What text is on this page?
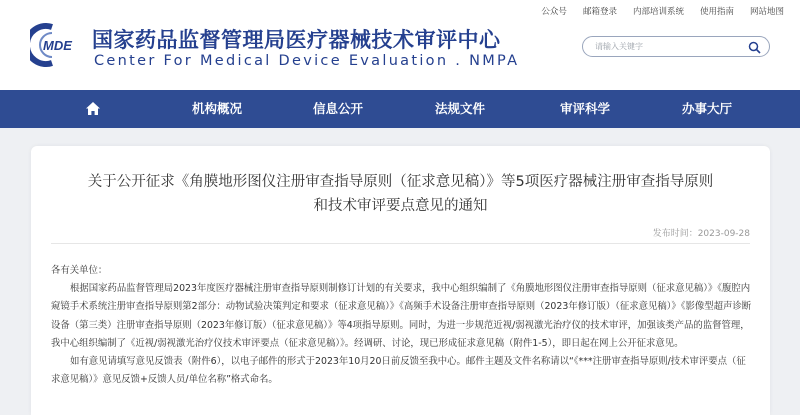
公众号	邮箱登录	内部培训系统	使用指南	网站地图
MDE 国家药品监督管理局医疗器械技术审评中心
Center For Medical Device Evaluation . NMPA
请输入关键字
机构概况	信息公开	法规文件	审评科学	办事大厅
关于公开征求《角膜地形图仪注册审查指导原则（征求意见稿）》等5项医疗器械注册审查指导原则
和技术审评要点意见的通知
发布时间：2023-09-28

各有关单位：

根据国家药品监督管理局2023年度医疗器械注册审查指导原则制修订计划的有关要求，我中心组织编制了《角膜地形图仪注册审查指导原则（征求意见稿）》《腹腔内窥镜手术系统注册审查指导原则第2部分：动物试验决策判定和要求（征求意见稿）》《高频手术设备注册审查指导原则（2023年修订版）（征求意见稿）》《影像型超声诊断设备（第三类）注册审查指导原则（2023年修订版）（征求意见稿）》等4项指导原则。同时，为进一步规范近视/弱视激光治疗仪的技术审评，加强该类产品的监督管理，我中心组织编制了《近视/弱视激光治疗仪技术审评要点（征求意见稿）》。经调研、讨论，现已形成征求意见稿（附件1-5），即日起在网上公开征求意见。

如有意见请填写意见反馈表（附件6），以电子邮件的形式于2023年10月20日前反馈至我中心。邮件主题及文件名称请以“《***注册审查指导原则/技术审评要点（征求意见稿）》意见反馈+反馈人员/单位名称”格式命名。
